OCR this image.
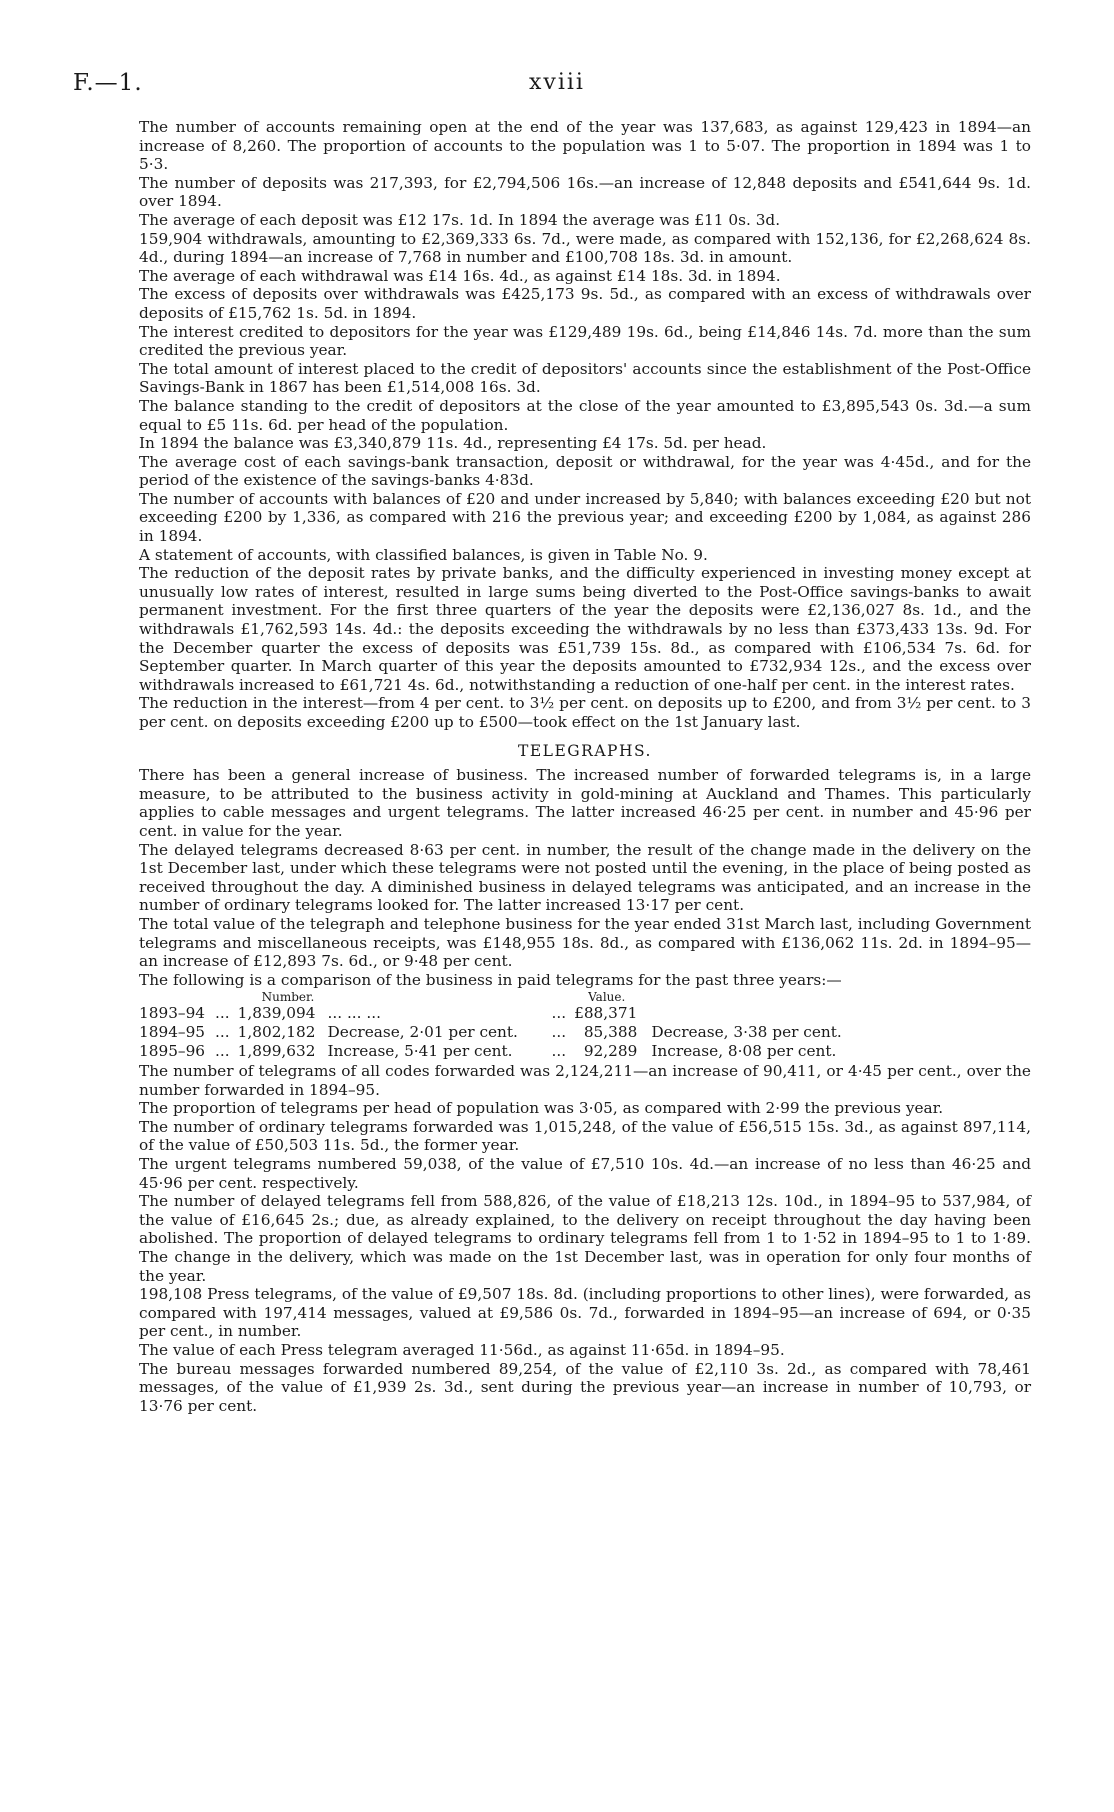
F.—1.	xviii

The number of accounts remaining open at the end of the year was 137,683, as against 129,423 in 1894—an increase of 8,260. The proportion of accounts to the population was 1 to 5·07. The proportion in 1894 was 1 to 5·3.

The number of deposits was 217,393, for £2,794,506 16s.—an increase of 12,848 deposits and £541,644 9s. 1d. over 1894.

The average of each deposit was £12 17s. 1d. In 1894 the average was £11 0s. 3d.

159,904 withdrawals, amounting to £2,369,333 6s. 7d., were made, as compared with 152,136, for £2,268,624 8s. 4d., during 1894—an increase of 7,768 in number and £100,708 18s. 3d. in amount.

The average of each withdrawal was £14 16s. 4d., as against £14 18s. 3d. in 1894.

The excess of deposits over withdrawals was £425,173 9s. 5d., as compared with an excess of withdrawals over deposits of £15,762 1s. 5d. in 1894.

The interest credited to depositors for the year was £129,489 19s. 6d., being £14,846 14s. 7d. more than the sum credited the previous year.

The total amount of interest placed to the credit of depositors' accounts since the establishment of the Post-Office Savings-Bank in 1867 has been £1,514,008 16s. 3d.

The balance standing to the credit of depositors at the close of the year amounted to £3,895,543 0s. 3d.—a sum equal to £5 11s. 6d. per head of the population.

In 1894 the balance was £3,340,879 11s. 4d., representing £4 17s. 5d. per head.

The average cost of each savings-bank transaction, deposit or withdrawal, for the year was 4·45d., and for the period of the existence of the savings-banks 4·83d.

The number of accounts with balances of £20 and under increased by 5,840; with balances exceeding £20 but not exceeding £200 by 1,336, as compared with 216 the previous year; and exceeding £200 by 1,084, as against 286 in 1894.

A statement of accounts, with classified balances, is given in Table No. 9.

The reduction of the deposit rates by private banks, and the difficulty experienced in investing money except at unusually low rates of interest, resulted in large sums being diverted to the Post-Office savings-banks to await permanent investment. For the first three quarters of the year the deposits were £2,136,027 8s. 1d., and the withdrawals £1,762,593 14s. 4d.: the deposits exceeding the withdrawals by no less than £373,433 13s. 9d. For the December quarter the excess of deposits was £51,739 15s. 8d., as compared with £106,534 7s. 6d. for September quarter. In March quarter of this year the deposits amounted to £732,934 12s., and the excess over withdrawals increased to £61,721 4s. 6d., notwithstanding a reduction of one-half per cent. in the interest rates.

The reduction in the interest—from 4 per cent. to 3½ per cent. on deposits up to £200, and from 3½ per cent. to 3 per cent. on deposits exceeding £200 up to £500—took effect on the 1st January last.

TELEGRAPHS.

There has been a general increase of business. The increased number of forwarded telegrams is, in a large measure, to be attributed to the business activity in gold-mining at Auckland and Thames. This particularly applies to cable messages and urgent telegrams. The latter increased 46·25 per cent. in number and 45·96 per cent. in value for the year.

The delayed telegrams decreased 8·63 per cent. in number, the result of the change made in the delivery on the 1st December last, under which these telegrams were not posted until the evening, in the place of being posted as received throughout the day. A diminished business in delayed telegrams was anticipated, and an increase in the number of ordinary telegrams looked for. The latter increased 13·17 per cent.

The total value of the telegraph and telephone business for the year ended 31st March last, including Government telegrams and miscellaneous receipts, was £148,955 18s. 8d., as compared with £136,062 11s. 2d. in 1894–95—an increase of £12,893 7s. 6d., or 9·48 per cent.

The following is a comparison of the business in paid telegrams for the past three years:—

		Number.			Value.	
1893–94	...	1,839,094	... ... ...	...	£88,371	
1894–95	...	1,802,182	Decrease, 2·01 per cent.	...	85,388	Decrease, 3·38 per cent.
1895–96	...	1,899,632	Increase, 5·41 per cent.	...	92,289	Increase, 8·08 per cent.

The number of telegrams of all codes forwarded was 2,124,211—an increase of 90,411, or 4·45 per cent., over the number forwarded in 1894–95.

The proportion of telegrams per head of population was 3·05, as compared with 2·99 the previous year.

The number of ordinary telegrams forwarded was 1,015,248, of the value of £56,515 15s. 3d., as against 897,114, of the value of £50,503 11s. 5d., the former year.

The urgent telegrams numbered 59,038, of the value of £7,510 10s. 4d.—an increase of no less than 46·25 and 45·96 per cent. respectively.

The number of delayed telegrams fell from 588,826, of the value of £18,213 12s. 10d., in 1894–95 to 537,984, of the value of £16,645 2s.; due, as already explained, to the delivery on receipt throughout the day having been abolished. The proportion of delayed telegrams to ordinary telegrams fell from 1 to 1·52 in 1894–95 to 1 to 1·89. The change in the delivery, which was made on the 1st December last, was in operation for only four months of the year.

198,108 Press telegrams, of the value of £9,507 18s. 8d. (including proportions to other lines), were forwarded, as compared with 197,414 messages, valued at £9,586 0s. 7d., forwarded in 1894–95—an increase of 694, or 0·35 per cent., in number.

The value of each Press telegram averaged 11·56d., as against 11·65d. in 1894–95.

The bureau messages forwarded numbered 89,254, of the value of £2,110 3s. 2d., as compared with 78,461 messages, of the value of £1,939 2s. 3d., sent during the previous year—an increase in number of 10,793, or 13·76 per cent.
